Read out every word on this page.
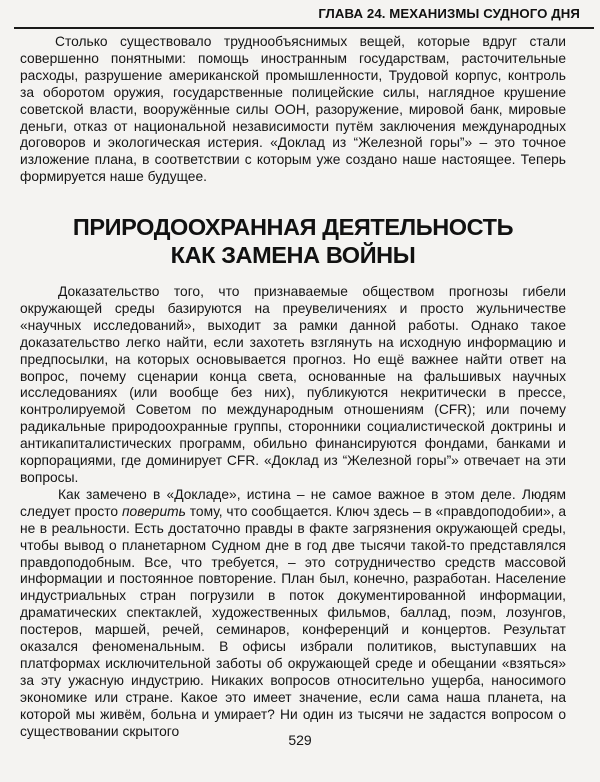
ГЛАВА 24. МЕХАНИЗМЫ СУДНОГО ДНЯ

Столько существовало труднообъяснимых вещей, которые вдруг стали совершенно понятными: помощь иностранным государствам, расточительные расходы, разрушение американской промышленности, Трудовой корпус, контроль за оборотом оружия, государственные полицейские силы, наглядное крушение советской власти, вооружённые силы ООН, разоружение, мировой банк, мировые деньги, отказ от национальной независимости путём заключения международных договоров и экологическая истерия. «Доклад из “Железной горы”» – это точное изложение плана, в соответствии с которым уже создано наше настоящее. Теперь формируется наше будущее.

ПРИРОДООХРАННАЯ ДЕЯТЕЛЬНОСТЬ
КАК ЗАМЕНА ВОЙНЫ

Доказательство того, что признаваемые обществом прогнозы гибели окружающей среды базируются на преувеличениях и просто жульничестве «научных исследований», выходит за рамки данной работы. Однако такое доказательство легко найти, если захотеть взглянуть на исходную информацию и предпосылки, на которых основывается прогноз. Но ещё важнее найти ответ на вопрос, почему сценарии конца света, основанные на фальшивых научных исследованиях (или вообще без них), публикуются некритически в прессе, контролируемой Советом по международным отношениям (CFR); или почему радикальные природоохранные группы, сторонники социалистической доктрины и антикапиталистических программ, обильно финансируются фондами, банками и корпорациями, где доминирует CFR. «Доклад из “Железной горы”» отвечает на эти вопросы.

Как замечено в «Докладе», истина – не самое важное в этом деле. Людям следует просто поверить тому, что сообщается. Ключ здесь – в «правдоподобии», а не в реальности. Есть достаточно правды в факте загрязнения окружающей среды, чтобы вывод о планетарном Судном дне в год две тысячи такой-то представлялся правдоподобным. Все, что требуется, – это сотрудничество средств массовой информации и постоянное повторение. План был, конечно, разработан. Население индустриальных стран погрузили в поток документированной информации, драматических спектаклей, художественных фильмов, баллад, поэм, лозунгов, постеров, маршей, речей, семинаров, конференций и концертов. Результат оказался феноменальным. В офисы избрали политиков, выступавших на платформах исключительной заботы об окружающей среде и обещании «взяться» за эту ужасную индустрию. Никаких вопросов относительно ущерба, наносимого экономике или стране. Какое это имеет значение, если сама наша планета, на которой мы живём, больна и умирает? Ни один из тысячи не задастся вопросом о существовании скрытого

529
